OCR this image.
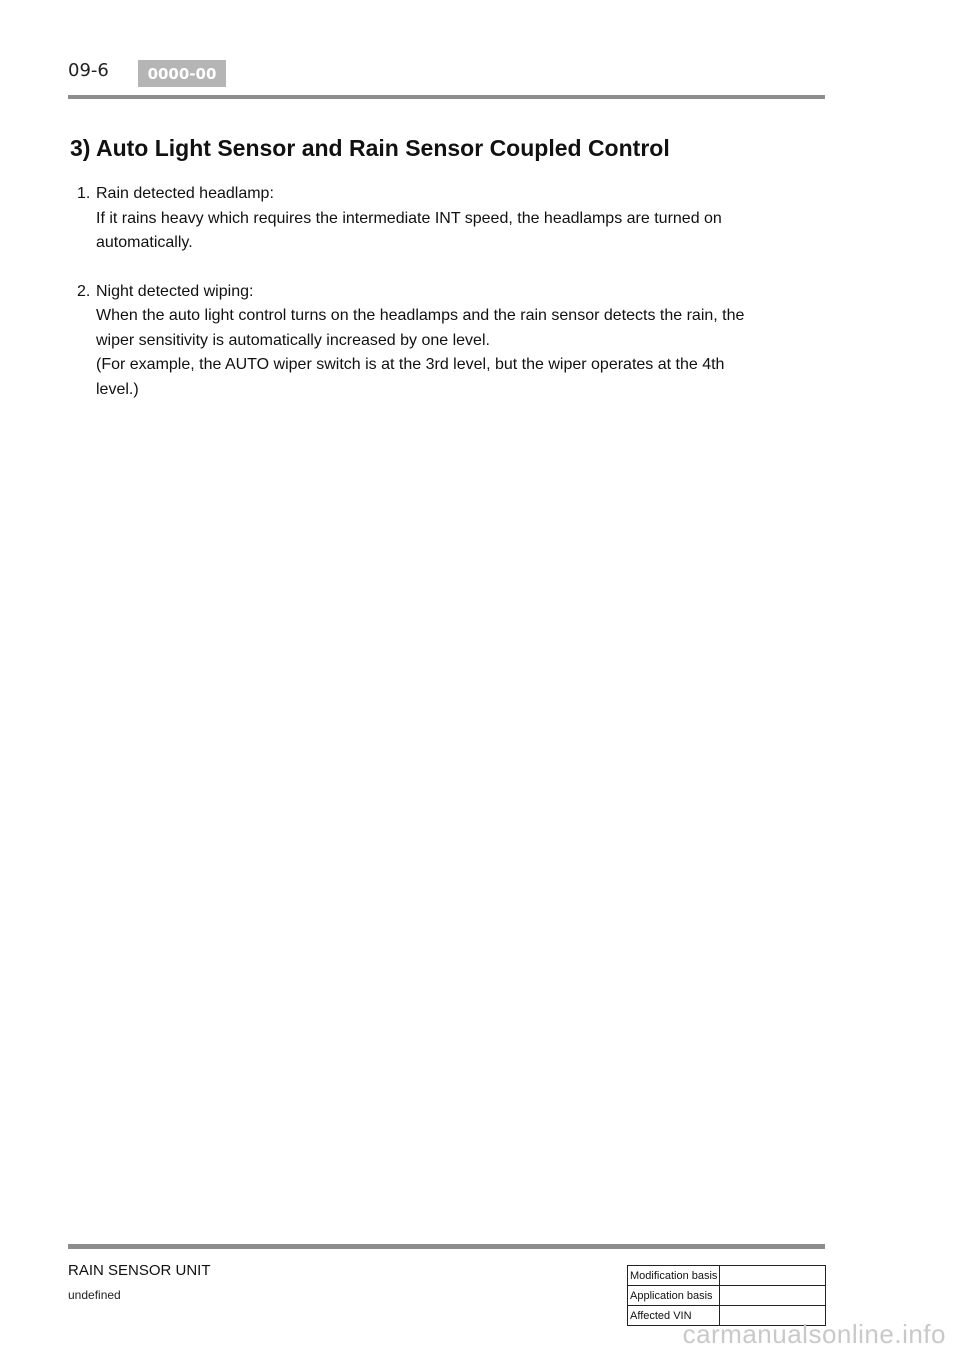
09-6	0000-00
3) Auto Light Sensor and Rain Sensor Coupled Control
1. Rain detected headlamp:
If it rains heavy which requires the intermediate INT speed, the headlamps are turned on
automatically.
2. Night detected wiping:
When the auto light control turns on the headlamps and the rain sensor detects the rain, the
wiper sensitivity is automatically increased by one level.
(For example, the AUTO wiper switch is at the 3rd level, but the wiper operates at the 4th
level.)
RAIN SENSOR UNIT
undefined
Modification basis	
Application basis	
Affected VIN	
carmanualsonline.info
